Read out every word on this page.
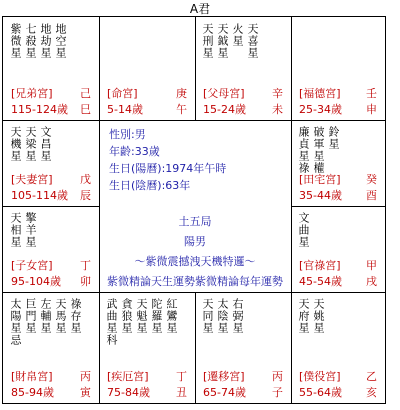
A君
紫微星 七殺星 地劫星 地空星
[兄弟宮] 己
115-124歲 巳
[命宮]	庚
5-14歲	午
天刑星 天鉞星 火星 天喜星
[父母宮] 辛
15-24歲 未
[福德宮] 壬
25-34歲 申
天機星 天梁星 文昌星
[夫妻宮] 戊
105-114歲 辰
廉貞星祿 破軍星權 鈴星
[田宅宮] 癸
35-44歲 酉
天相星 擎羊星
[子女宮] 丁
95-104歲 卯
文曲星
[官祿宮] 甲
45-54歲 戌
太陽星忌 巨門星 左輔星 天馬星 祿存星
[財帛宮] 丙
85-94歲 寅
武曲星科 貪狼星 天魁星 陀羅星 紅鸞星
[疾厄宮] 丁
75-84歲 丑
天同星 太陰星 右弼星
[遷移宮] 丙
65-74歲 子
天府星 天姚星
[僕役宮] 乙
55-64歲 亥
性別:男
年齡:33歲
生日(陽曆):1974年午時
生日(陰曆):63年
土五局
陽男
～紫微震撼洩天機特邏～
紫微精論天生運勢紫微精論每年運勢
